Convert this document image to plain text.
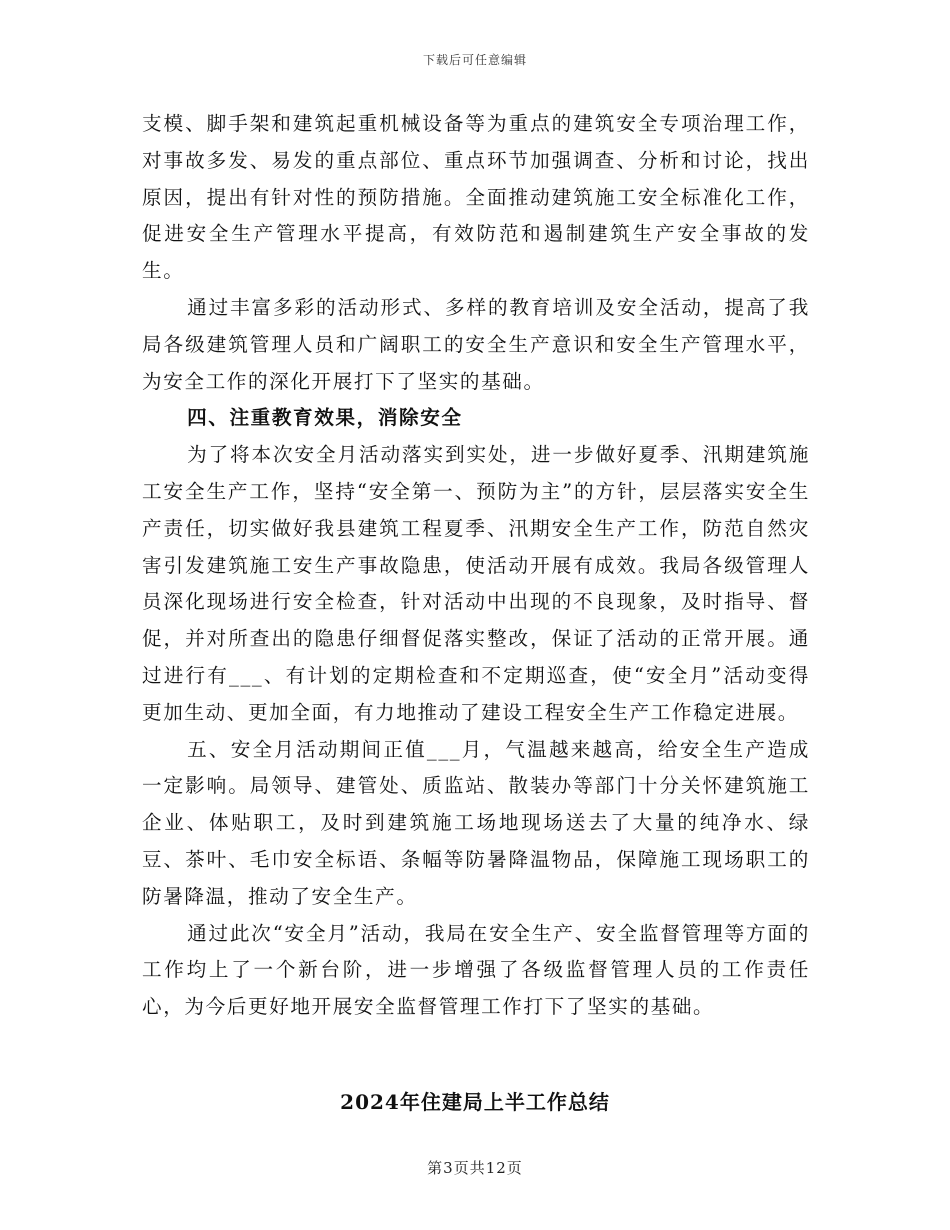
下载后可任意编辑

支模、脚手架和建筑起重机械设备等为重点的建筑安全专项治理工作，对事故多发、易发的重点部位、重点环节加强调查、分析和讨论，找出原因，提出有针对性的预防措施。全面推动建筑施工安全标准化工作，促进安全生产管理水平提高，有效防范和遏制建筑生产安全事故的发生。

通过丰富多彩的活动形式、多样的教育培训及安全活动，提高了我局各级建筑管理人员和广阔职工的安全生产意识和安全生产管理水平，为安全工作的深化开展打下了坚实的基础。

四、注重教育效果，消除安全

为了将本次安全月活动落实到实处，进一步做好夏季、汛期建筑施工安全生产工作，坚持“安全第一、预防为主”的方针，层层落实安全生产责任，切实做好我县建筑工程夏季、汛期安全生产工作，防范自然灾害引发建筑施工安生产事故隐患，使活动开展有成效。我局各级管理人员深化现场进行安全检查，针对活动中出现的不良现象，及时指导、督促，并对所查出的隐患仔细督促落实整改，保证了活动的正常开展。通过进行有___、有计划的定期检查和不定期巡查，使“安全月”活动变得更加生动、更加全面，有力地推动了建设工程安全生产工作稳定进展。

五、安全月活动期间正值___月，气温越来越高，给安全生产造成一定影响。局领导、建管处、质监站、散装办等部门十分关怀建筑施工企业、体贴职工，及时到建筑施工场地现场送去了大量的纯净水、绿豆、茶叶、毛巾安全标语、条幅等防暑降温物品，保障施工现场职工的防暑降温，推动了安全生产。

通过此次“安全月”活动，我局在安全生产、安全监督管理等方面的工作均上了一个新台阶，进一步增强了各级监督管理人员的工作责任心，为今后更好地开展安全监督管理工作打下了坚实的基础。

2024年住建局上半工作总结
第3页共12页
